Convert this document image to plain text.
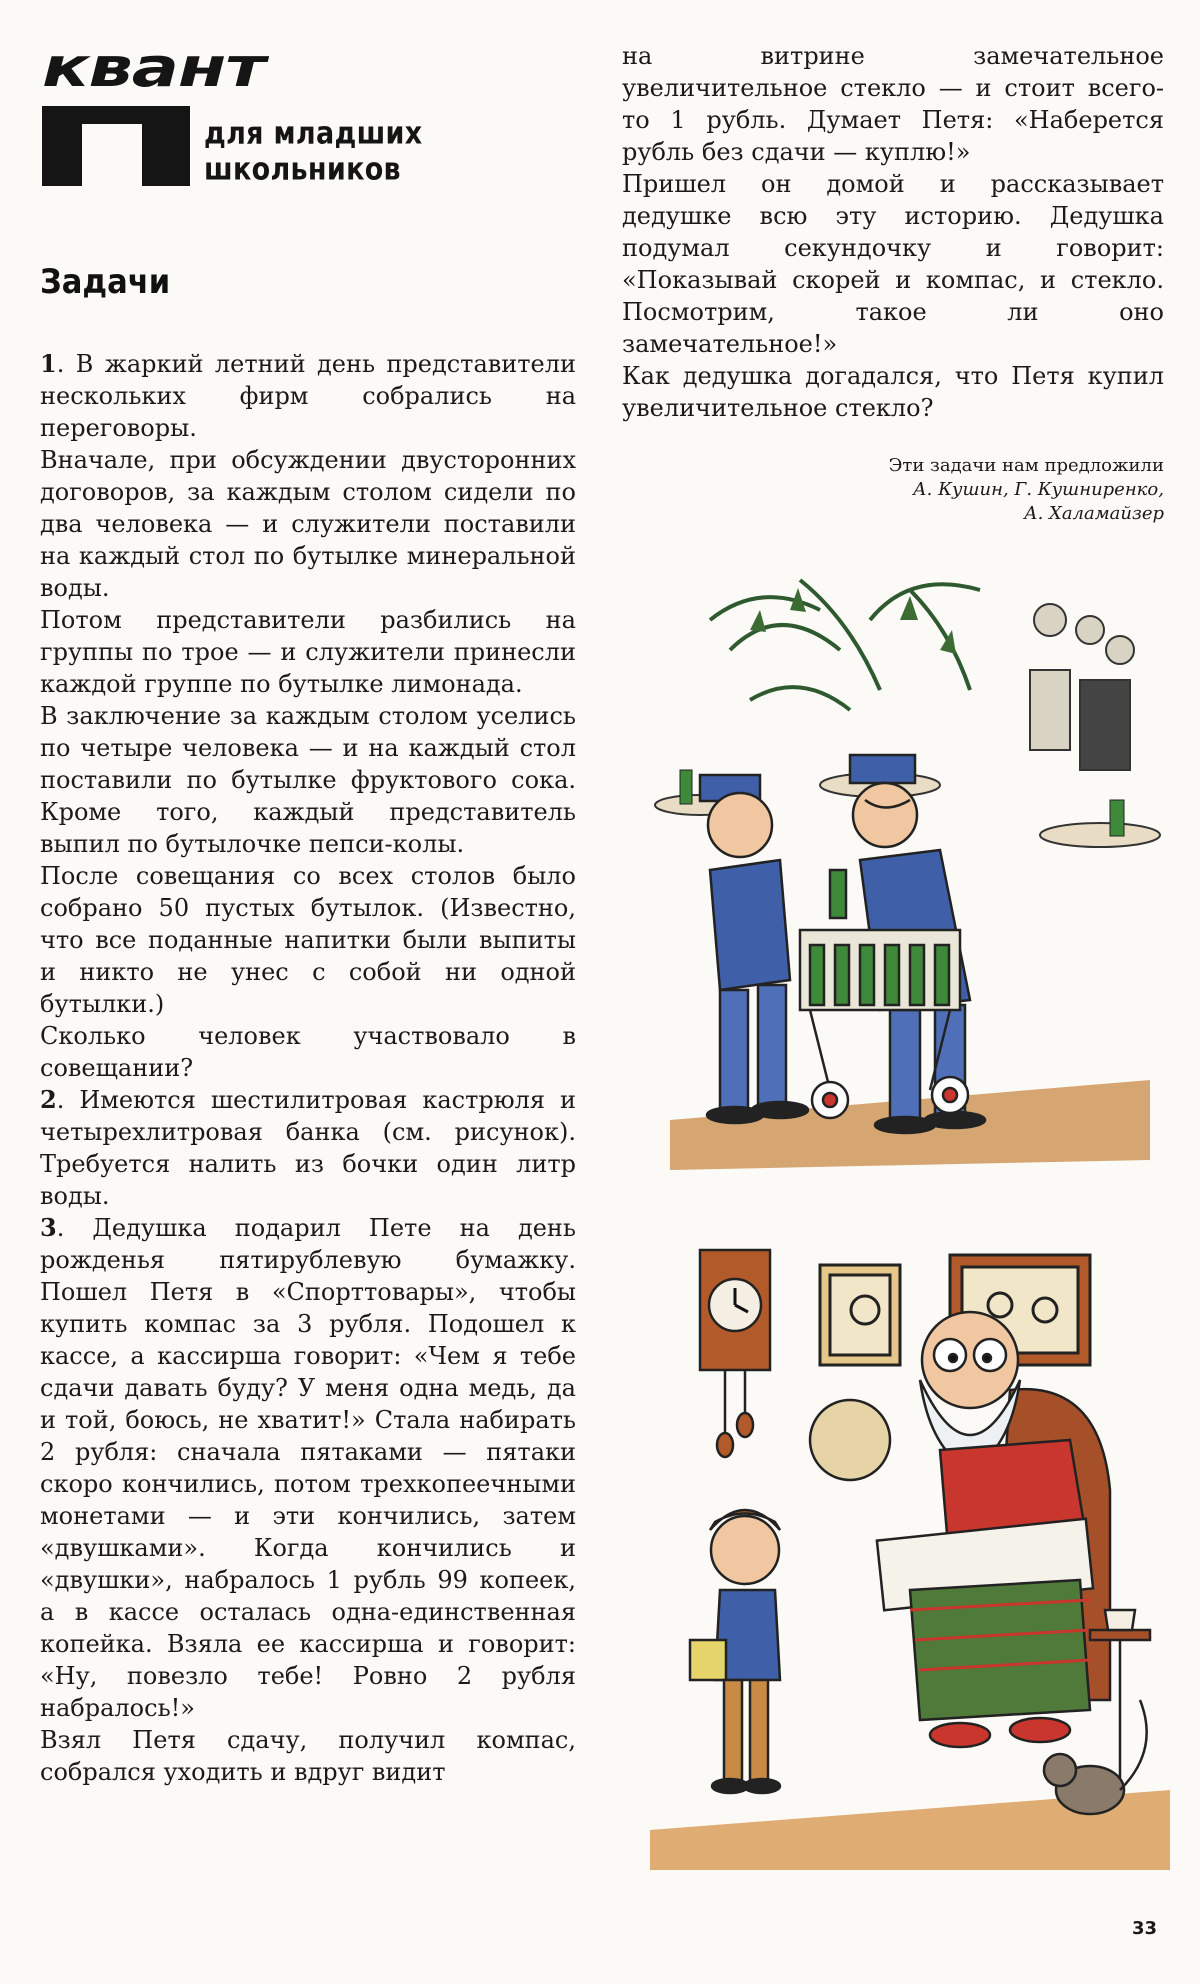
квант
для младших школьников
Задачи

1. В жаркий летний день представители нескольких фирм собрались на переговоры.

Вначале, при обсуждении двусторонних договоров, за каждым столом сидели по два человека — и служители поставили на каждый стол по бутылке минеральной воды.

Потом представители разбились на группы по трое — и служители принесли каждой группе по бутылке лимонада.

В заключение за каждым столом уселись по четыре человека — и на каждый стол поставили по бутылке фруктового сока. Кроме того, каждый представитель выпил по бутылочке пепси-колы.

После совещания со всех столов было собрано 50 пустых бутылок. (Известно, что все поданные напитки были выпиты и никто не унес с собой ни одной бутылки.)

Сколько человек участвовало в совещании?

2. Имеются шестилитровая кастрюля и четырехлитровая банка (см. рисунок). Требуется налить из бочки один литр воды.

3. Дедушка подарил Пете на день рожденья пятирублевую бумажку. Пошел Петя в «Спорттовары», чтобы купить компас за 3 рубля. Подошел к кассе, а кассирша говорит: «Чем я тебе сдачи давать буду? У меня одна медь, да и той, боюсь, не хватит!» Стала набирать 2 рубля: сначала пятаками — пятаки скоро кончились, потом трехкопеечными монетами — и эти кончились, затем «двушками». Когда кончились и «двушки», набралось 1 рубль 99 копеек, а в кассе осталась одна-единственная копейка. Взяла ее кассирша и говорит: «Ну, повезло тебе! Ровно 2 рубля набралось!»

Взял Петя сдачу, получил компас, собрался уходить и вдруг видит

на витрине замечательное увеличительное стекло — и стоит всего-то 1 рубль. Думает Петя: «Наберется рубль без сдачи — куплю!»

Пришел он домой и рассказывает дедушке всю эту историю. Дедушка подумал секундочку и говорит: «Показывай скорей и компас, и стекло. Посмотрим, такое ли оно замечательное!»

Как дедушка догадался, что Петя купил увеличительное стекло?

Эти задачи нам предложили
А. Кушин, Г. Кушниренко,
А. Халамайзер
33
